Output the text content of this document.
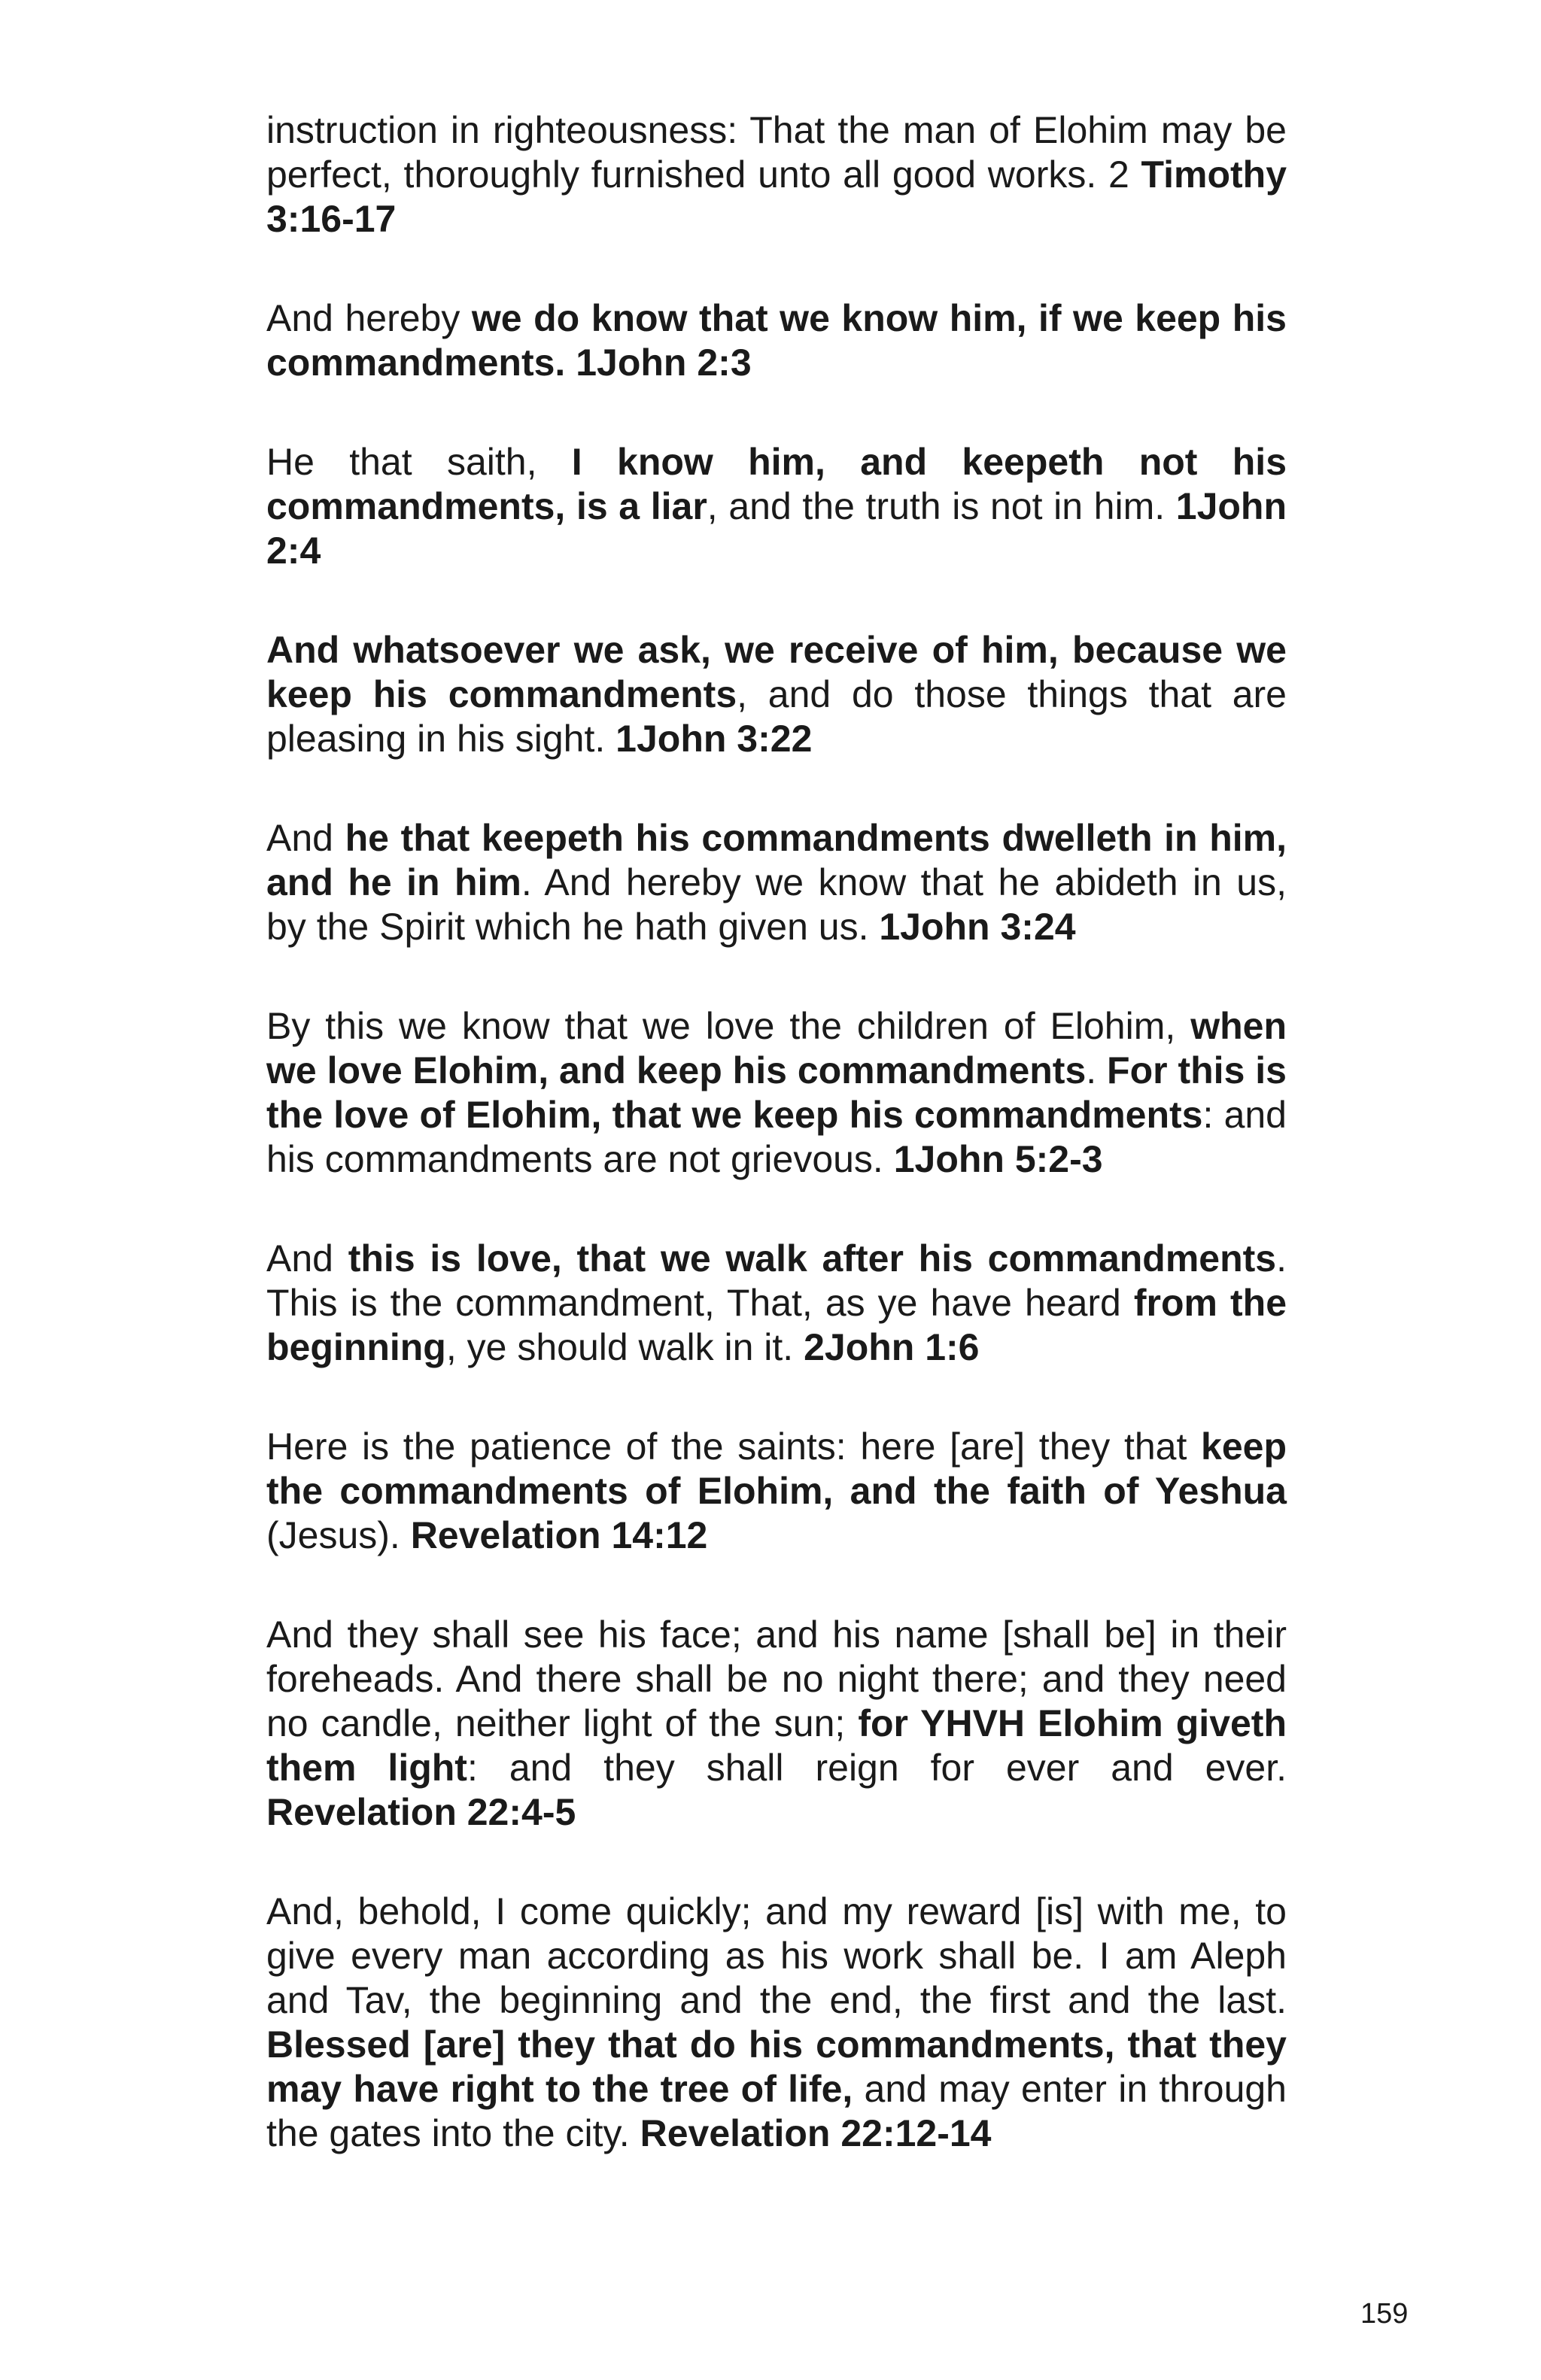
instruction in righteousness: That the man of Elohim may be perfect, thoroughly furnished unto all good works. 2 Timothy 3:16-17

And hereby we do know that we know him, if we keep his commandments. 1John 2:3

He that saith, I know him, and keepeth not his commandments, is a liar, and the truth is not in him. 1John 2:4

And whatsoever we ask, we receive of him, because we keep his commandments, and do those things that are pleasing in his sight. 1John 3:22

And he that keepeth his commandments dwelleth in him, and he in him. And hereby we know that he abideth in us, by the Spirit which he hath given us. 1John 3:24

By this we know that we love the children of Elohim, when we love Elohim, and keep his commandments. For this is the love of Elohim, that we keep his commandments: and his commandments are not grievous. 1John 5:2-3

And this is love, that we walk after his commandments. This is the commandment, That, as ye have heard from the beginning, ye should walk in it. 2John 1:6

Here is the patience of the saints: here [are] they that keep the commandments of Elohim, and the faith of Yeshua (Jesus). Revelation 14:12

And they shall see his face; and his name [shall be] in their foreheads. And there shall be no night there; and they need no candle, neither light of the sun; for YHVH Elohim giveth them light: and they shall reign for ever and ever. Revelation 22:4-5

And, behold, I come quickly; and my reward [is] with me, to give every man according as his work shall be. I am Aleph and Tav, the beginning and the end, the first and the last. Blessed [are] they that do his commandments, that they may have right to the tree of life, and may enter in through the gates into the city. Revelation 22:12-14

159
